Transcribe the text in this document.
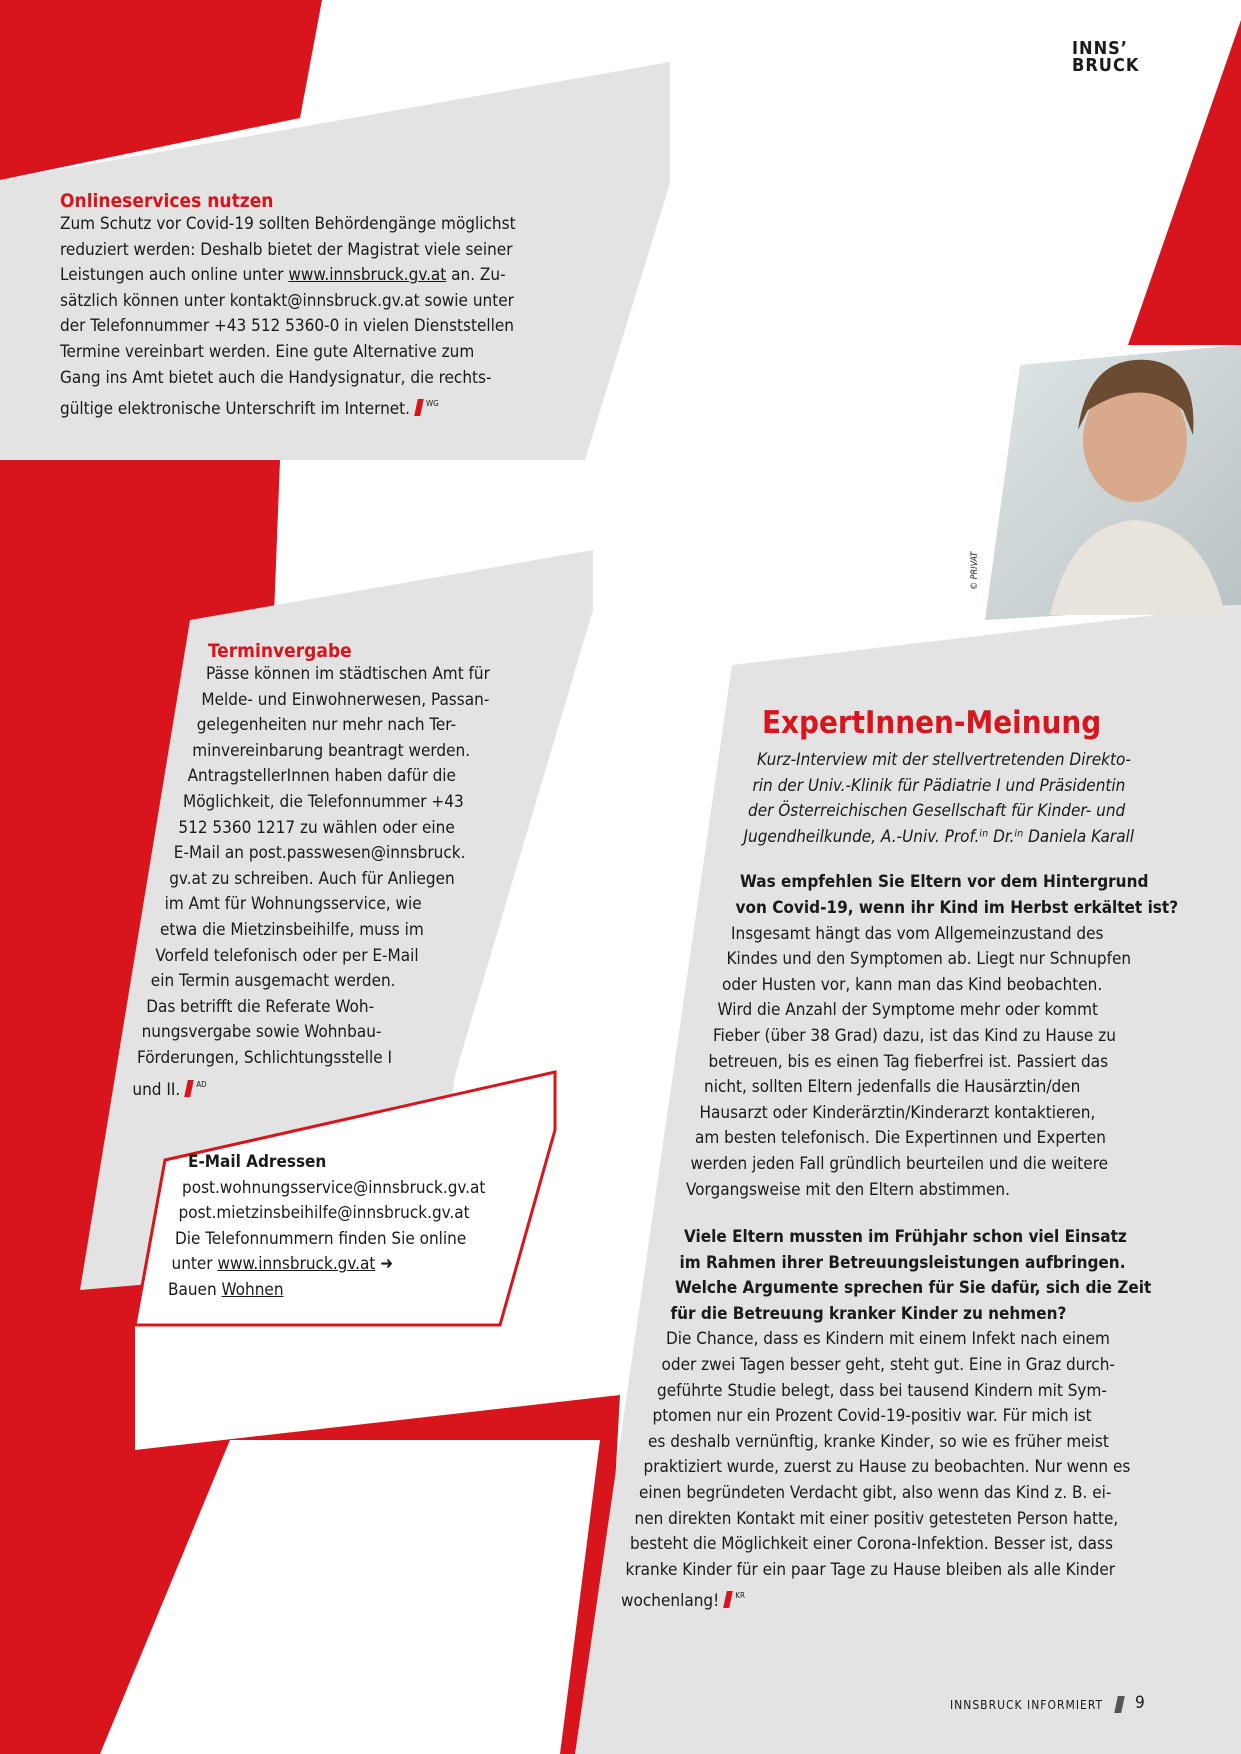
INNS’
BRUCK
Onlineservices nutzen
Zum Schutz vor Covid-19 sollten Behördengänge möglichst
reduziert werden: Deshalb bietet der Magistrat viele seiner
Leistungen auch online unter www.innsbruck.gv.at an. Zu-
sätzlich können unter kontakt@innsbruck.gv.at sowie unter
der Telefonnummer +43 512 5360-0 in vielen Dienststellen
Termine vereinbart werden. Eine gute Alternative zum
Gang ins Amt bietet auch die Handysignatur, die rechts-
gültige elektronische Unterschrift im Internet. $^{WG}$
Terminvergabe
Pässe können im städtischen Amt für
Melde- und Einwohnerwesen, Passan-
gelegenheiten nur mehr nach Ter-
minvereinbarung beantragt werden.
AntragstellerInnen haben dafür die
Möglichkeit, die Telefonnummer +43
512 5360 1217 zu wählen oder eine
E-Mail an post.passwesen@innsbruck.
gv.at zu schreiben. Auch für Anliegen
im Amt für Wohnungsservice, wie
etwa die Mietzinsbeihilfe, muss im
Vorfeld telefonisch oder per E-Mail
ein Termin ausgemacht werden.
Das betrifft die Referate Woh-
nungsvergabe sowie Wohnbau-
Förderungen, Schlichtungsstelle I
und II. $^{AD}$
E-Mail Adressen
post.wohnungsservice@innsbruck.gv.at
post.mietzinsbeihilfe@innsbruck.gv.at
Die Telefonnummern finden Sie online
unter www.innsbruck.gv.at ➜
Bauen Wohnen
© PRIVAT
ExpertInnen-Meinung
Kurz-Interview mit der stellvertretenden Direkto-
rin der Univ.-Klinik für Pädiatrie I und Präsidentin
der Österreichischen Gesellschaft für Kinder- und
Jugendheilkunde, A.-Univ. Prof.ⁱⁿ Dr.ⁱⁿ Daniela Karall
Was empfehlen Sie Eltern vor dem Hintergrund
von Covid-19, wenn ihr Kind im Herbst erkältet ist?
Insgesamt hängt das vom Allgemeinzustand des
Kindes und den Symptomen ab. Liegt nur Schnupfen
oder Husten vor, kann man das Kind beobachten.
Wird die Anzahl der Symptome mehr oder kommt
Fieber (über 38 Grad) dazu, ist das Kind zu Hause zu
betreuen, bis es einen Tag fieberfrei ist. Passiert das
nicht, sollten Eltern jedenfalls die Hausärztin/den
Hausarzt oder Kinderärztin/Kinderarzt kontaktieren,
am besten telefonisch. Die Expertinnen und Experten
werden jeden Fall gründlich beurteilen und die weitere
Vorgangsweise mit den Eltern abstimmen.
Viele Eltern mussten im Frühjahr schon viel Einsatz
im Rahmen ihrer Betreuungsleistungen aufbringen.
Welche Argumente sprechen für Sie dafür, sich die Zeit
für die Betreuung kranker Kinder zu nehmen?
Die Chance, dass es Kindern mit einem Infekt nach einem
oder zwei Tagen besser geht, steht gut. Eine in Graz durch-
geführte Studie belegt, dass bei tausend Kindern mit Sym-
ptomen nur ein Prozent Covid-19-positiv war. Für mich ist
es deshalb vernünftig, kranke Kinder, so wie es früher meist
praktiziert wurde, zuerst zu Hause zu beobachten. Nur wenn es
einen begründeten Verdacht gibt, also wenn das Kind z. B. ei-
nen direkten Kontakt mit einer positiv getesteten Person hatte,
besteht die Möglichkeit einer Corona-Infektion. Besser ist, dass
kranke Kinder für ein paar Tage zu Hause bleiben als alle Kinder
wochenlang! $^{KR}$
INNSBRUCK INFORMIERT 9
